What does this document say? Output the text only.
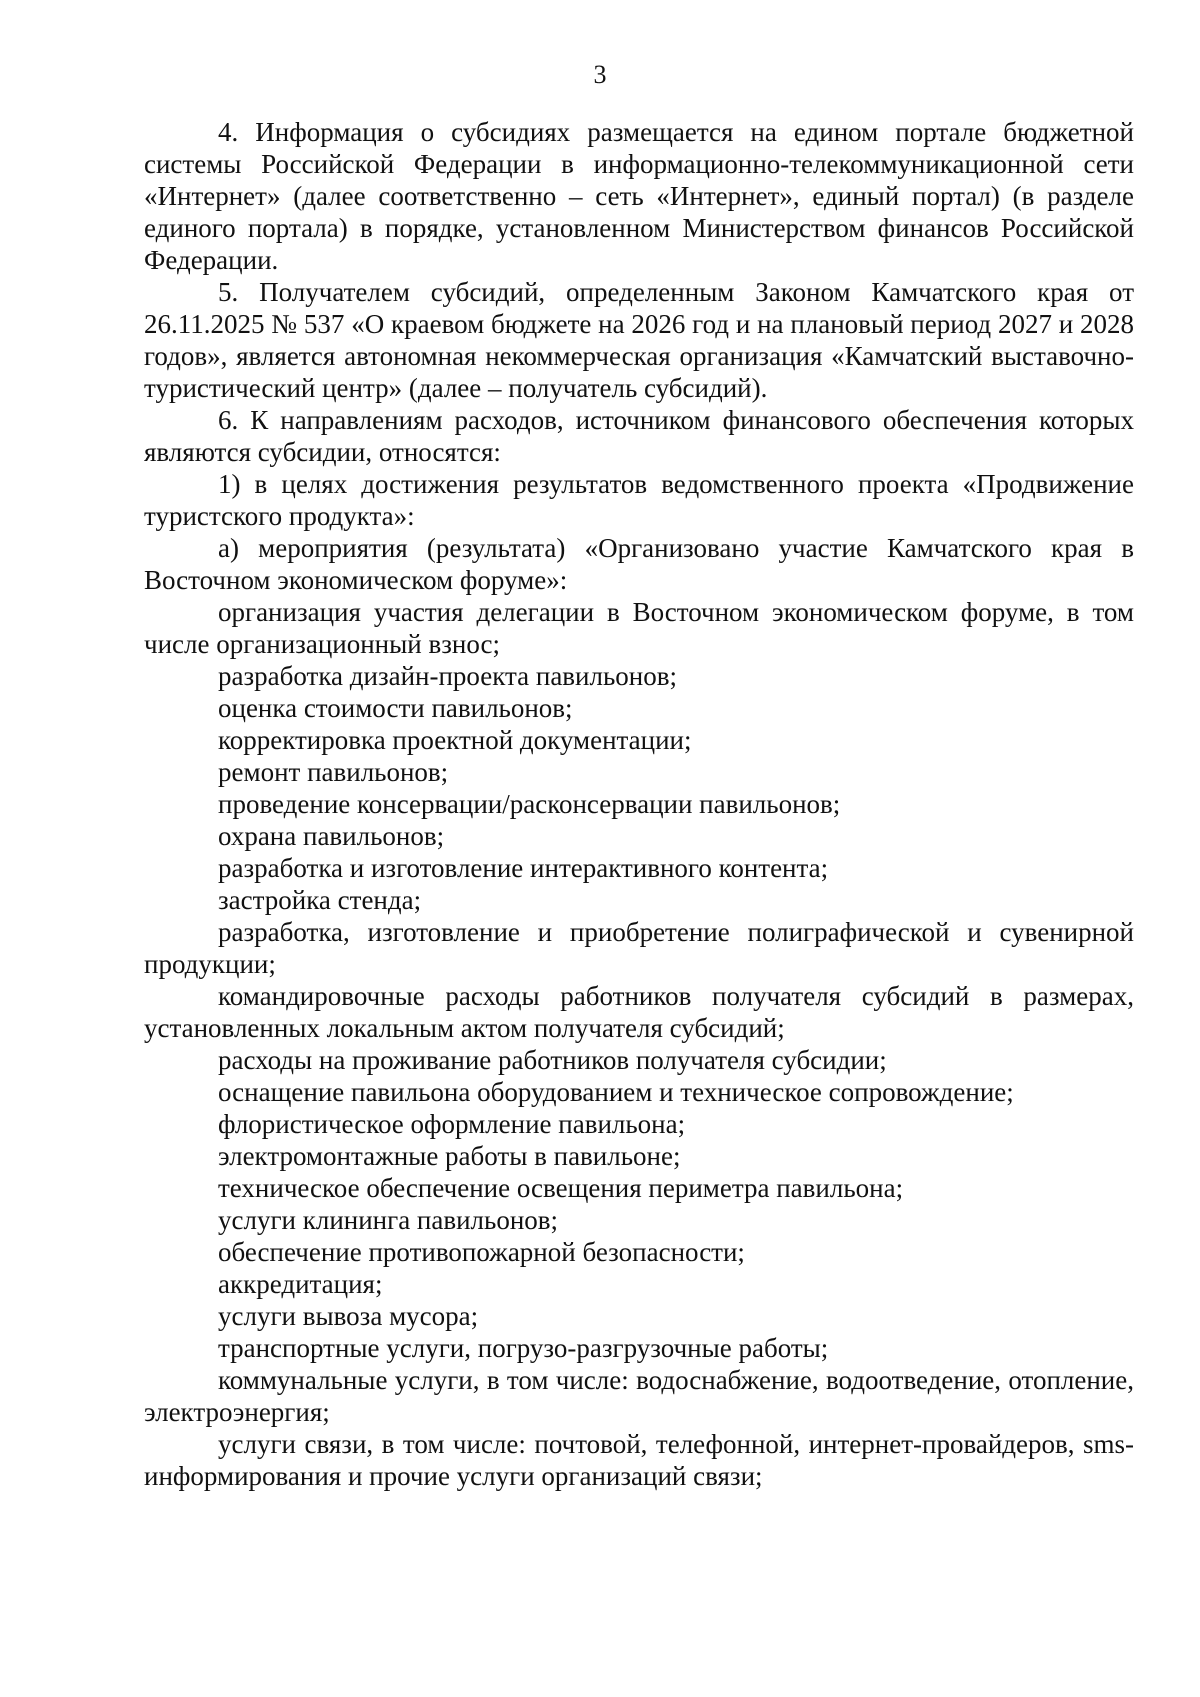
3

4. Информация о субсидиях размещается на едином портале бюджетной системы Российской Федерации в информационно-телекоммуникационной сети «Интернет» (далее соответственно – сеть «Интернет», единый портал) (в разделе единого портала) в порядке, установленном Министерством финансов Российской Федерации.

5. Получателем субсидий, определенным Законом Камчатского края от 26.11.2025 № 537 «О краевом бюджете на 2026 год и на плановый период 2027 и 2028 годов», является автономная некоммерческая организация «Камчатский выставочно-туристический центр» (далее – получатель субсидий).

6. К направлениям расходов, источником финансового обеспечения которых являются субсидии, относятся:

1) в целях достижения результатов ведомственного проекта «Продвижение туристского продукта»:

а) мероприятия (результата) «Организовано участие Камчатского края в Восточном экономическом форуме»:

организация участия делегации в Восточном экономическом форуме, в том числе организационный взнос;

разработка дизайн-проекта павильонов;

оценка стоимости павильонов;

корректировка проектной документации;

ремонт павильонов;

проведение консервации/расконсервации павильонов;

охрана павильонов;

разработка и изготовление интерактивного контента;

застройка стенда;

разработка, изготовление и приобретение полиграфической и сувенирной продукции;

командировочные расходы работников получателя субсидий в размерах, установленных локальным актом получателя субсидий;

расходы на проживание работников получателя субсидии;

оснащение павильона оборудованием и техническое сопровождение;

флористическое оформление павильона;

электромонтажные работы в павильоне;

техническое обеспечение освещения периметра павильона;

услуги клининга павильонов;

обеспечение противопожарной безопасности;

аккредитация;

услуги вывоза мусора;

транспортные услуги, погрузо-разгрузочные работы;

коммунальные услуги, в том числе: водоснабжение, водоотведение, отопление, электроэнергия;

услуги связи, в том числе: почтовой, телефонной, интернет-провайдеров, sms-информирования и прочие услуги организаций связи;
